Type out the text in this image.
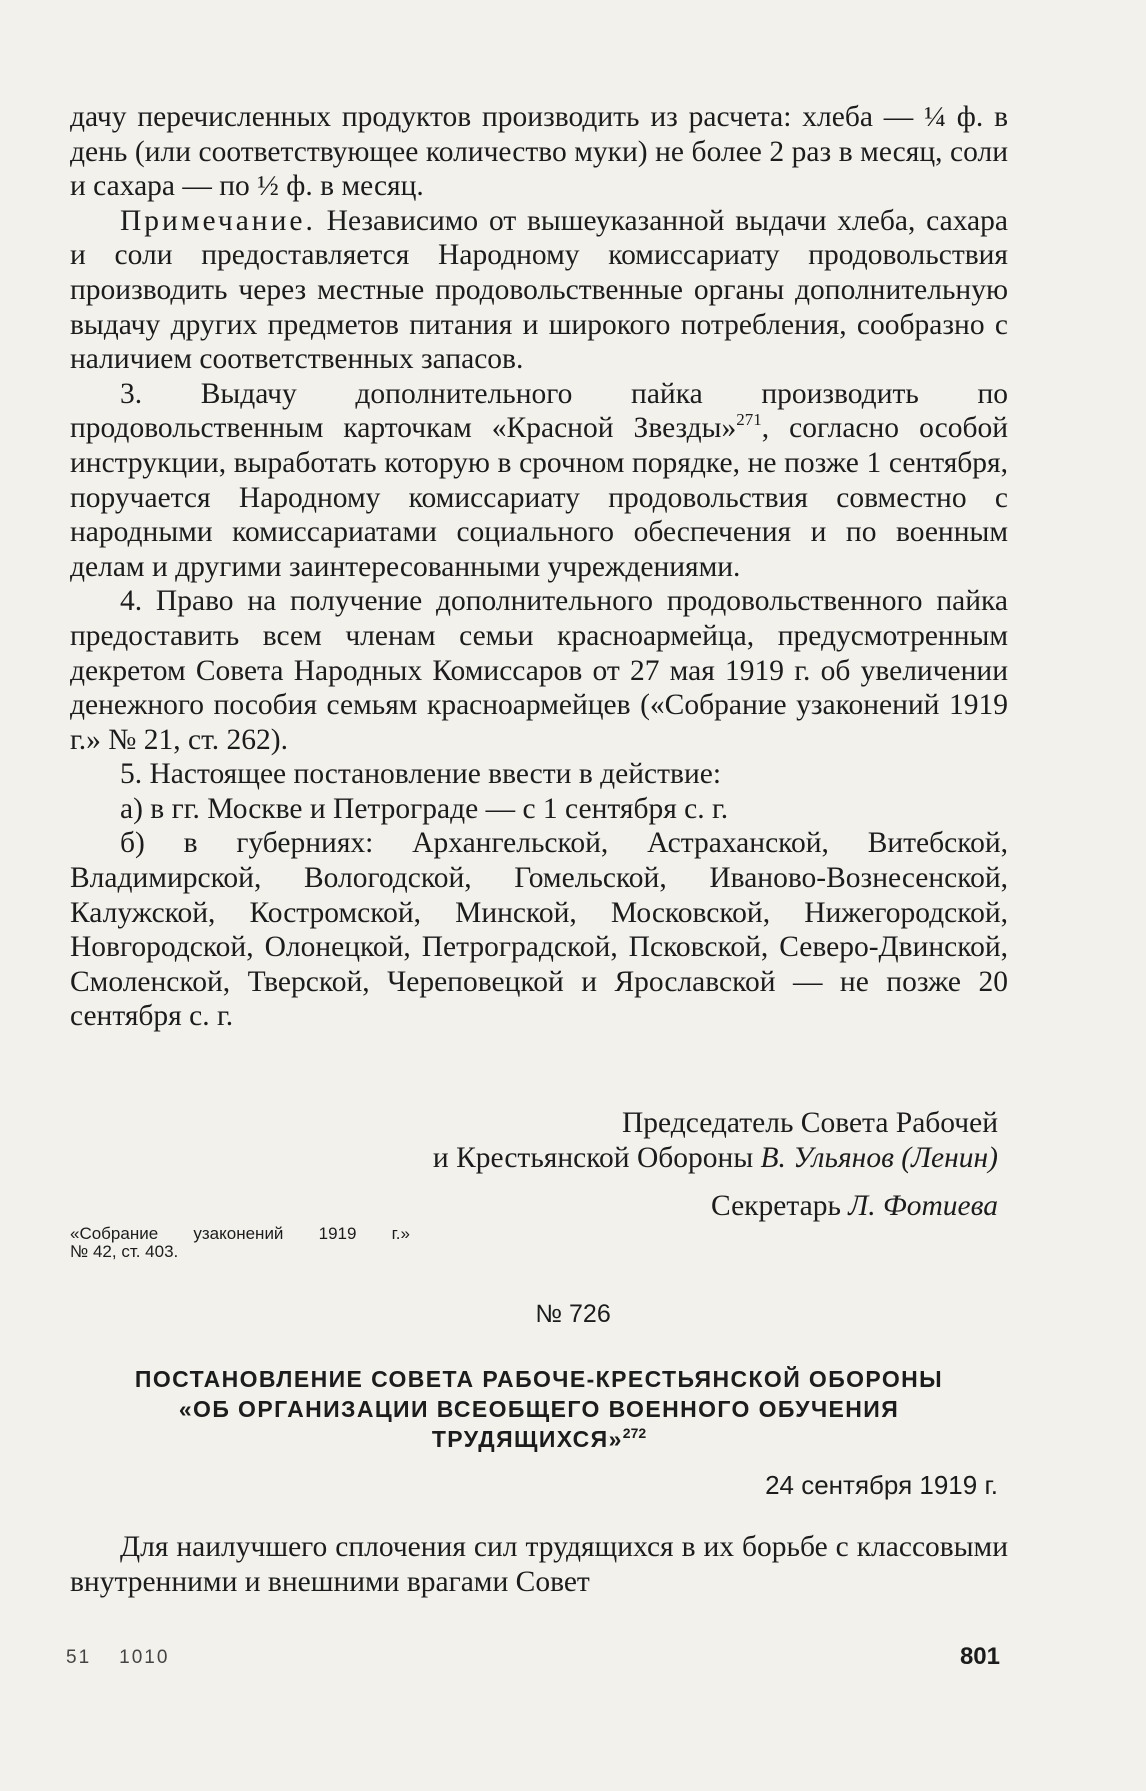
дачу перечисленных продуктов производить из расчета: хлеба — ¼ ф. в день (или соответствующее количество муки) не более 2 раз в месяц, соли и сахара — по ½ ф. в месяц.

Примечание. Независимо от вышеуказанной выдачи хлеба, сахара и соли предоставляется Народному комиссариату продовольствия производить через местные продовольственные органы дополнительную выдачу других предметов питания и широкого потребления, сообразно с наличием соответственных запасов.

3. Выдачу дополнительного пайка производить по продовольственным карточкам «Красной Звезды»$^{271}$, согласно особой инструкции, выработать которую в срочном порядке, не позже 1 сентября, поручается Народному комиссариату продовольствия совместно с народными комиссариатами социального обеспечения и по военным делам и другими заинтересованными учреждениями.

4. Право на получение дополнительного продовольственного пайка предоставить всем членам семьи красноармейца, предусмотренным декретом Совета Народных Комиссаров от 27 мая 1919 г. об увеличении денежного пособия семьям красноармейцев («Собрание узаконений 1919 г.» № 21, ст. 262).

5. Настоящее постановление ввести в действие:

а) в гг. Москве и Петрограде — с 1 сентября с. г.

б) в губерниях: Архангельской, Астраханской, Витебской, Владимирской, Вологодской, Гомельской, Иваново-Вознесенской, Калужской, Костромской, Минской, Московской, Нижегородской, Новгородской, Олонецкой, Петроградской, Псковской, Северо-Двинской, Смоленской, Тверской, Череповецкой и Ярославской — не позже 20 сентября с. г.

Председатель Совета Рабочей

и Крестьянской Обороны В. Ульянов (Ленин)

Секретарь Л. Фотиева

«Собрание узаконений 1919 г.»
№ 42, ст. 403.
№ 726

ПОСТАНОВЛЕНИЕ СОВЕТА РАБОЧЕ-КРЕСТЬЯНСКОЙ ОБОРОНЫ

«ОБ ОРГАНИЗАЦИИ ВСЕОБЩЕГО ВОЕННОГО ОБУЧЕНИЯ

ТРУДЯЩИХСЯ»$^{272}$

24 сентября 1919 г.

Для наилучшего сплочения сил трудящихся в их борьбе с классовыми внутренними и внешними врагами Совет

51 1010	801
